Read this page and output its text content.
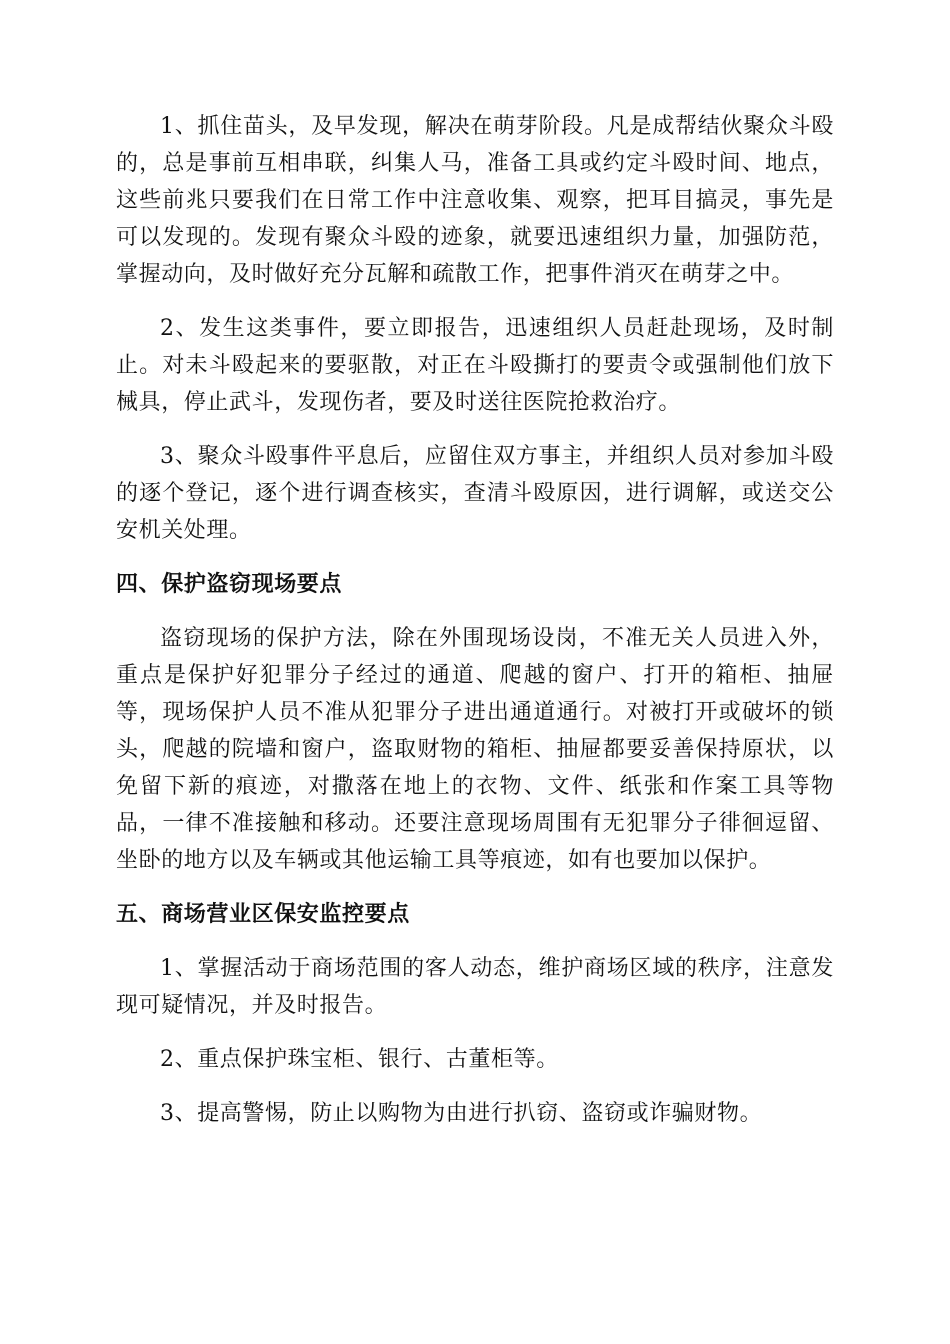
1、抓住苗头，及早发现，解决在萌芽阶段。凡是成帮结伙聚众斗殴的，总是事前互相串联，纠集人马，准备工具或约定斗殴时间、地点，这些前兆只要我们在日常工作中注意收集、观察，把耳目搞灵，事先是可以发现的。发现有聚众斗殴的迹象，就要迅速组织力量，加强防范，掌握动向，及时做好充分瓦解和疏散工作，把事件消灭在萌芽之中。

2、发生这类事件，要立即报告，迅速组织人员赶赴现场，及时制止。对未斗殴起来的要驱散，对正在斗殴撕打的要责令或强制他们放下械具，停止武斗，发现伤者，要及时送往医院抢救治疗。

3、聚众斗殴事件平息后，应留住双方事主，并组织人员对参加斗殴的逐个登记，逐个进行调查核实，查清斗殴原因，进行调解，或送交公安机关处理。

四、保护盗窃现场要点

盗窃现场的保护方法，除在外围现场设岗，不准无关人员进入外，重点是保护好犯罪分子经过的通道、爬越的窗户、打开的箱柜、抽屉等，现场保护人员不准从犯罪分子进出通道通行。对被打开或破坏的锁头，爬越的院墙和窗户，盗取财物的箱柜、抽屉都要妥善保持原状，以免留下新的痕迹，对撒落在地上的衣物、文件、纸张和作案工具等物品，一律不准接触和移动。还要注意现场周围有无犯罪分子徘徊逗留、坐卧的地方以及车辆或其他运输工具等痕迹，如有也要加以保护。

五、商场营业区保安监控要点

1、掌握活动于商场范围的客人动态，维护商场区域的秩序，注意发现可疑情况，并及时报告。

2、重点保护珠宝柜、银行、古董柜等。

3、提高警惕，防止以购物为由进行扒窃、盗窃或诈骗财物。
